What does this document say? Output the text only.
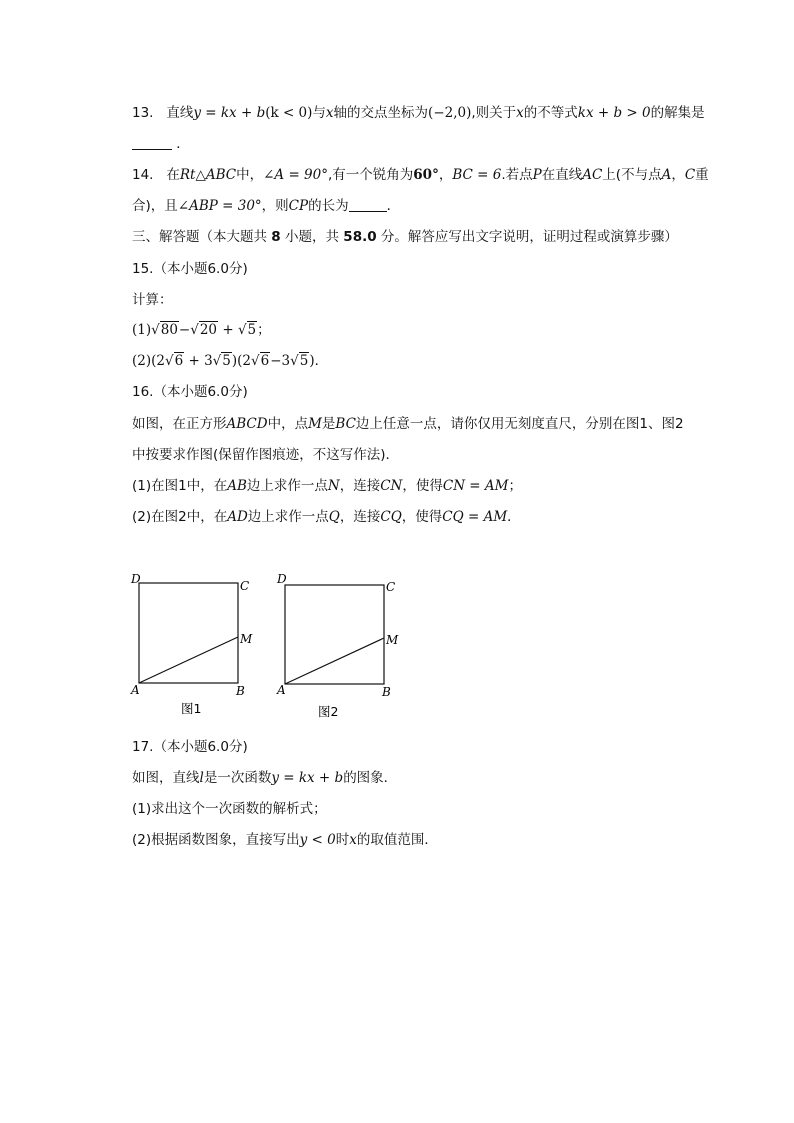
13. 直线y = kx + b(k < 0)与x轴的交点坐标为(−2,0),则关于x的不等式kx + b > 0的解集是
．
14. 在Rt△ABC中，∠A = 90°,有一个锐角为60°，BC = 6.若点P在直线AC上(不与点A，C重
合)，且∠ABP = 30°，则CP的长为	．
三、解答题（本大题共 8 小题，共 58.0 分。解答应写出文字说明，证明过程或演算步骤）
15.（本小题6.0分)
计算：
(1)√80−√20 + √5；
(2)(2√6 + 3√5)(2√6−3√5)．
16.（本小题6.0分)
如图，在正方形ABCD中，点M是BC边上任意一点，请你仅用无刻度直尺，分别在图1、图2
中按要求作图(保留作图痕迹，不这写作法)．
(1)在图1中，在AB边上求作一点N，连接CN，使得CN = AM；
(2)在图2中，在AD边上求作一点Q，连接CQ，使得CQ = AM．
D	C
M
A	B
图1
D
C
M
A	B
图2
17.（本小题6.0分)
如图，直线l是一次函数y = kx + b的图象．
(1)求出这个一次函数的解析式；
(2)根据函数图象，直接写出y < 0时x的取值范围．
